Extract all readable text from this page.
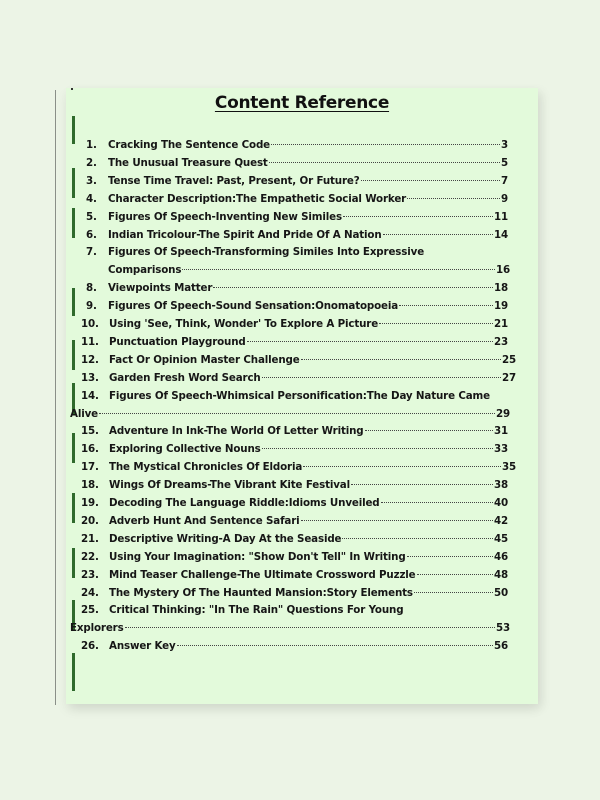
Content Reference
1.	Cracking The Sentence Code	3
2.	The Unusual Treasure Quest	5
3.	Tense Time Travel: Past, Present, Or Future?	7
4.	Character Description:The Empathetic Social Worker	9
5.	Figures Of Speech-Inventing New Similes	11
6.	Indian Tricolour-The Spirit And Pride Of A Nation	14
7.	Figures Of Speech-Transforming Similes Into Expressive
Comparisons	16
8.	Viewpoints Matter	18
9.	Figures Of Speech-Sound Sensation:Onomatopoeia	19
10. Using 'See, Think, Wonder' To Explore A Picture	21
11. Punctuation Playground	23
12. Fact Or Opinion Master Challenge	25
13. Garden Fresh Word Search	27
14. Figures Of Speech-Whimsical Personification:The Day Nature Came
Alive	29
15. Adventure In Ink-The World Of Letter Writing	31
16. Exploring Collective Nouns	33
17. The Mystical Chronicles Of Eldoria	35
18. Wings Of Dreams-The Vibrant Kite Festival	38
19. Decoding The Language Riddle:Idioms Unveiled	40
20. Adverb Hunt And Sentence Safari	42
21. Descriptive Writing-A Day At the Seaside	45
22. Using Your Imagination: "Show Don't Tell" In Writing	46
23. Mind Teaser Challenge-The Ultimate Crossword Puzzle	48
24. The Mystery Of The Haunted Mansion:Story Elements	50
25. Critical Thinking: "In The Rain" Questions For Young
Explorers	53
26. Answer Key	56
